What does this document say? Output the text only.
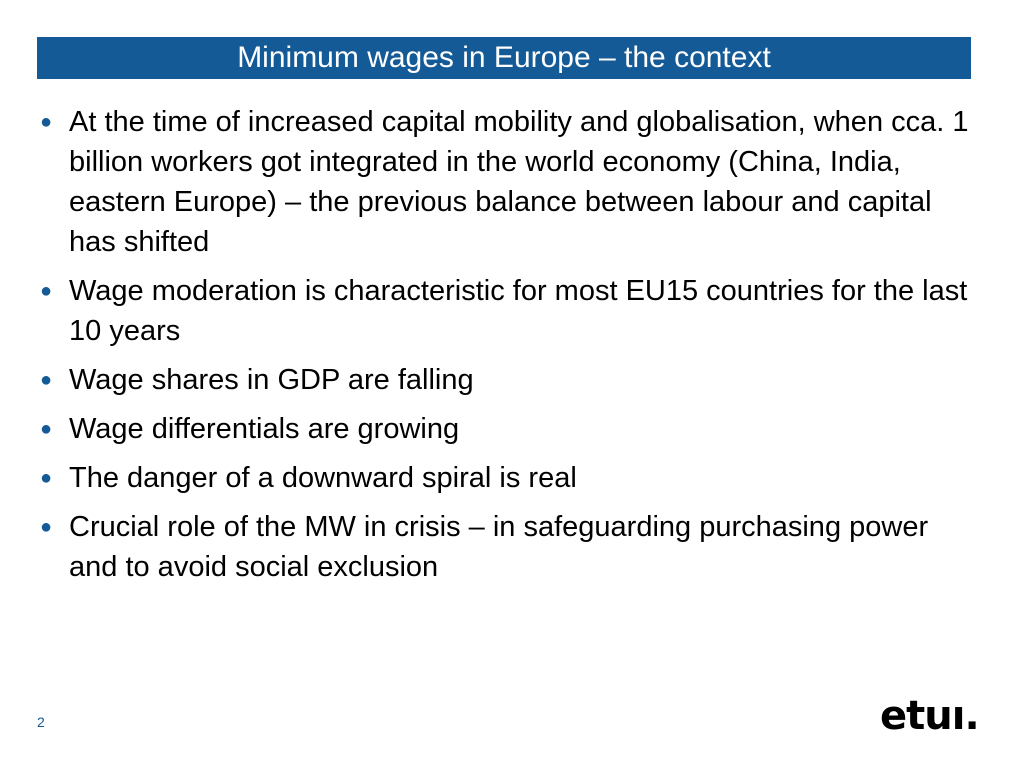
Minimum wages in Europe – the context
● At the time of increased capital mobility and globalisation, when cca. 1 billion workers got integrated in the world economy (China, India, eastern Europe) – the previous balance between labour and capital has shifted
● Wage moderation is characteristic for most EU15 countries for the last 10 years
● Wage shares in GDP are falling
● Wage differentials are growing
● The danger of a downward spiral is real
● Crucial role of the MW in crisis – in safeguarding purchasing power and to avoid social exclusion
2	etuı.
